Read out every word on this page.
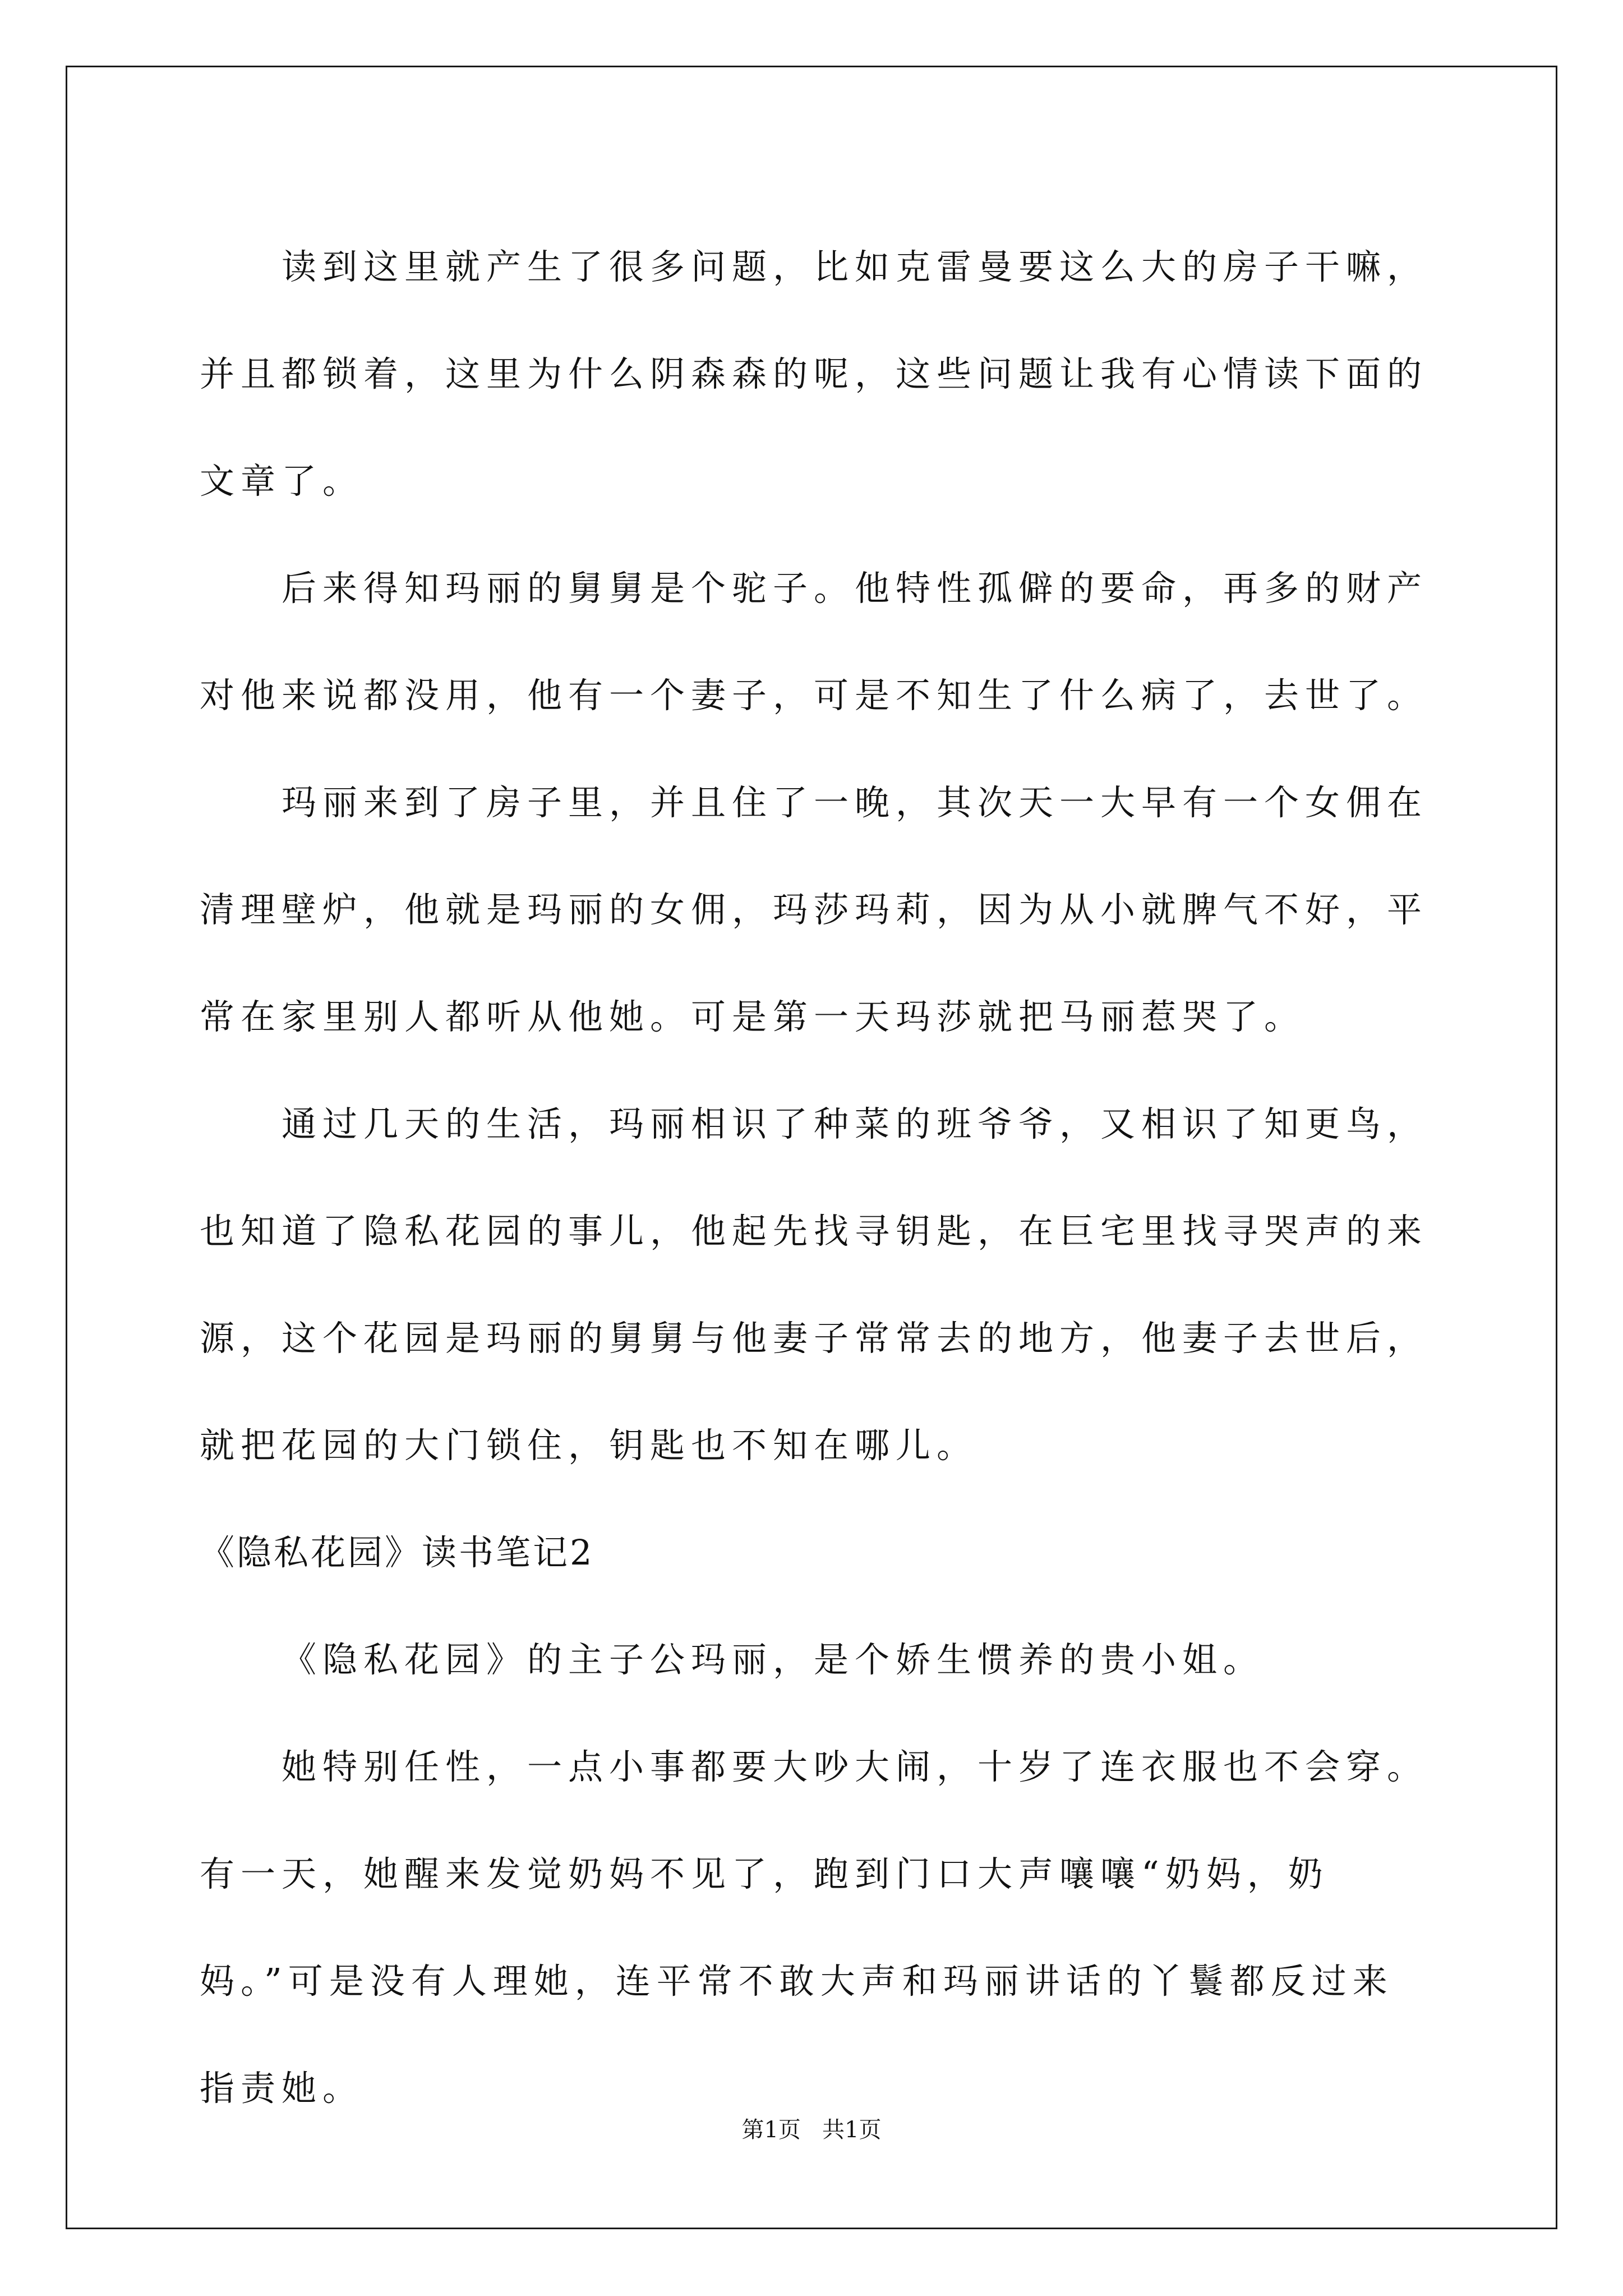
读到这里就产生了很多问题，比如克雷曼要这么大的房子干嘛，并且都锁着，这里为什么阴森森的呢，这些问题让我有心情读下面的文章了。

后来得知玛丽的舅舅是个驼子。他特性孤僻的要命，再多的财产对他来说都没用，他有一个妻子，可是不知生了什么病了，去世了。

玛丽来到了房子里，并且住了一晚，其次天一大早有一个女佣在清理壁炉，他就是玛丽的女佣，玛莎玛莉，因为从小就脾气不好，平常在家里别人都听从他她。可是第一天玛莎就把马丽惹哭了。

通过几天的生活，玛丽相识了种菜的班爷爷，又相识了知更鸟，也知道了隐私花园的事儿，他起先找寻钥匙，在巨宅里找寻哭声的来源，这个花园是玛丽的舅舅与他妻子常常去的地方，他妻子去世后，就把花园的大门锁住，钥匙也不知在哪儿。

《隐私花园》读书笔记2

《隐私花园》的主子公玛丽，是个娇生惯养的贵小姐。

她特别任性，一点小事都要大吵大闹，十岁了连衣服也不会穿。有一天，她醒来发觉奶妈不见了，跑到门口大声嚷嚷“奶妈，奶妈。”可是没有人理她，连平常不敢大声和玛丽讲话的丫鬟都反过来指责她。

第1页   共1页
